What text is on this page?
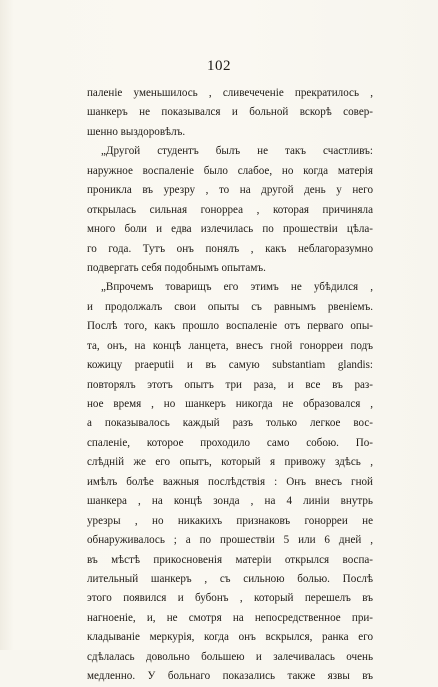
102
паленіе уменьшилось , сливечеченіе прекратилось ,
шанкеръ не показывался и больной вскорѣ совер-
шенно выздоровѣлъ.
„Другой студентъ былъ не такъ счастливъ:
наружное воспаленіе было слабое, но когда матерія
проникла въ урезру , то на другой день у него
открылась сильная гонорреа , которая причиняла
много боли и едва излечилась по прошествіи цѣла-
го года. Тутъ онъ понялъ , какъ неблагоразумно
подвергать себя подобнымъ опытамъ.
„Впрочемъ товарищъ его этимъ не убѣдился ,
и продолжалъ свои опыты съ равнымъ рвеніемъ.
Послѣ того, какъ прошло воспаленіе отъ перваго опы-
та, онъ, на концѣ ланцета, внесъ гной гонорреи подъ
кожицу praeputii и въ самую substantiam glandis:
повторялъ этотъ опытъ три раза, и все въ раз-
ное время , но шанкеръ никогда не образовался ,
а показывалось каждый разъ только легкое вос-
спаленіе, которое проходило само собою. По-
слѣдній же его опытъ, который я привожу здѣсь ,
имѣлъ болѣе важныя послѣдствія : Онъ внесъ гной
шанкера , на концѣ зонда , на 4 линіи внутрь
урезры , но никакихъ признаковъ гонорреи не
обнаруживалось ; а по прошествіи 5 или 6 дней ,
въ мѣстѣ прикосновенія матеріи открылся воспа-
лительный шанкеръ , съ сильною болью. Послѣ
этого появился и бубонъ , который перешелъ въ
нагноеніе, и, не смотря на непосредственное при-
кладываніе меркурія, когда онъ вскрылся, ранка его
сдѣлалась довольно большею и залечивалась очень
медленно. У больнаго показались также язвы въ
